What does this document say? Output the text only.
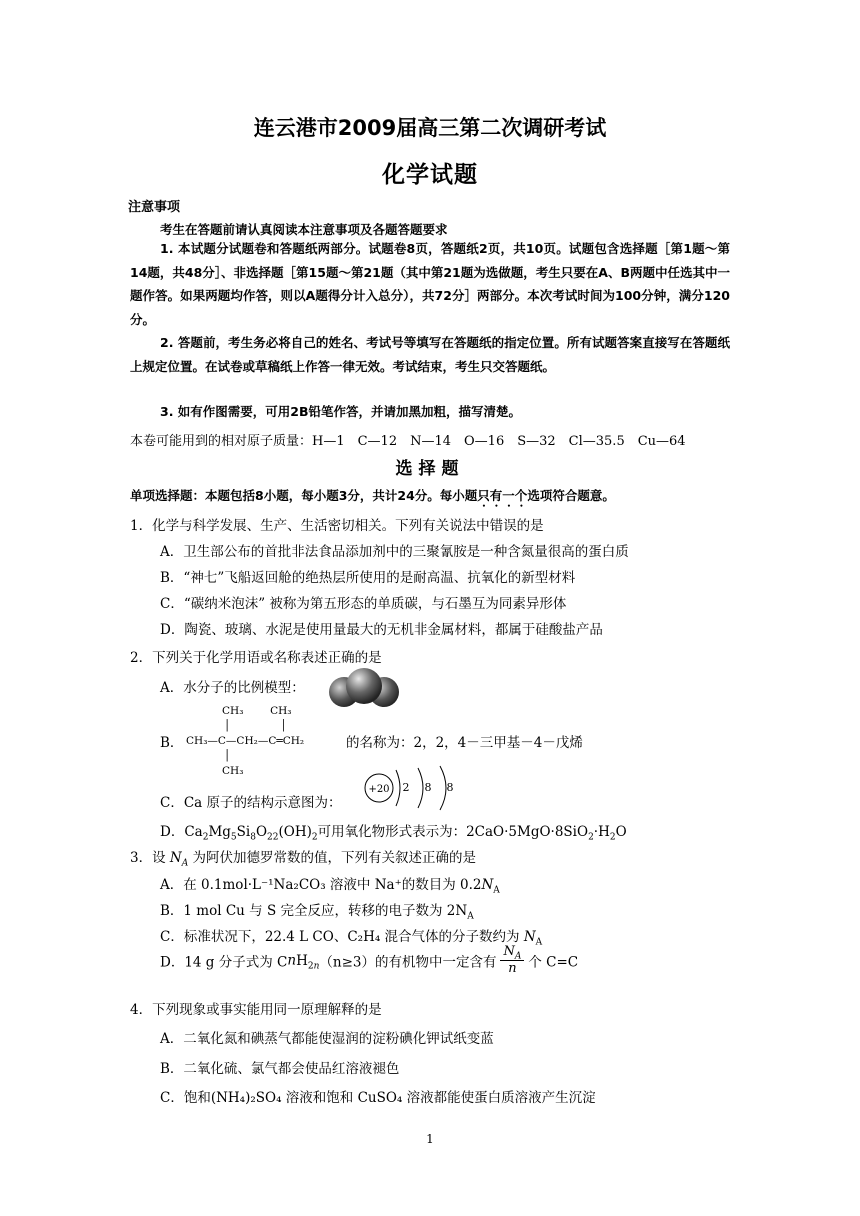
连云港市2009届高三第二次调研考试
化学试题
注意事项
考生在答题前请认真阅读本注意事项及各题答题要求
1. 本试题分试题卷和答题纸两部分。试题卷8页，答题纸2页，共10页。试题包含选择题［第1题～第14题，共48分］、非选择题［第15题～第21题（其中第21题为选做题，考生只要在A、B两题中任选其中一题作答。如果两题均作答，则以A题得分计入总分），共72分］两部分。本次考试时间为100分钟，满分120分。
2. 答题前，考生务必将自己的姓名、考试号等填写在答题纸的指定位置。所有试题答案直接写在答题纸上规定位置。在试卷或草稿纸上作答一律无效。考试结束，考生只交答题纸。
3. 如有作图需要，可用2B铅笔作答，并请加黑加粗，描写清楚。
本卷可能用到的相对原子质量：H—1　C—12　N—14　O—16　S—32　Cl—35.5　Cu—64
选择题
单项选择题：本题包括8小题，每小题3分，共计24分。每小题只有一个选项符合题意。
1．化学与科学发展、生产、生活密切相关。下列有关说法中错误的是
A．卫生部公布的首批非法食品添加剂中的三聚氰胺是一种含氮量很高的蛋白质
B．“神七”飞船返回舱的绝热层所使用的是耐高温、抗氧化的新型材料
C．“碳纳米泡沫” 被称为第五形态的单质碳，与石墨互为同素异形体
D．陶瓷、玻璃、水泥是使用量最大的无机非金属材料，都属于硅酸盐产品
2．下列关于化学用语或名称表述正确的是
A．水分子的比例模型：
B．
CH₃        CH₃
│               │
CH₃—C—CH₂—C═CH₂
│
CH₃
的名称为：2，2，4－三甲基－4－戊烯
C．Ca 原子的结构示意图为：
+20 2 8 8
D．$Ca_2Mg_5Si_8O_{22}(OH)_2$可用氧化物形式表示为：$2CaO\cdot 5MgO\cdot 8SiO_2\cdot H_2O$
3．设 $N_A$ 为阿伏加德罗常数的值，下列有关叙述正确的是
A．在 0.1mol·L⁻¹Na₂CO₃ 溶液中 Na⁺的数目为 $0.2N_A$
B．1 mol Cu 与 S 完全反应，转移的电子数为 $2N_A$
C．标准状况下，22.4 L CO、C₂H₄ 混合气体的分子数约为 $N_A$
D．14 g 分子式为 CnH$_{2n}$（n≥3）的有机物中一定含有 $\frac{N_A}{n}$ 个 C=C
4．下列现象或事实能用同一原理解释的是
A．二氧化氮和碘蒸气都能使湿润的淀粉碘化钾试纸变蓝
B．二氧化硫、氯气都会使品红溶液褪色
C．饱和(NH₄)₂SO₄ 溶液和饱和 CuSO₄ 溶液都能使蛋白质溶液产生沉淀
1
